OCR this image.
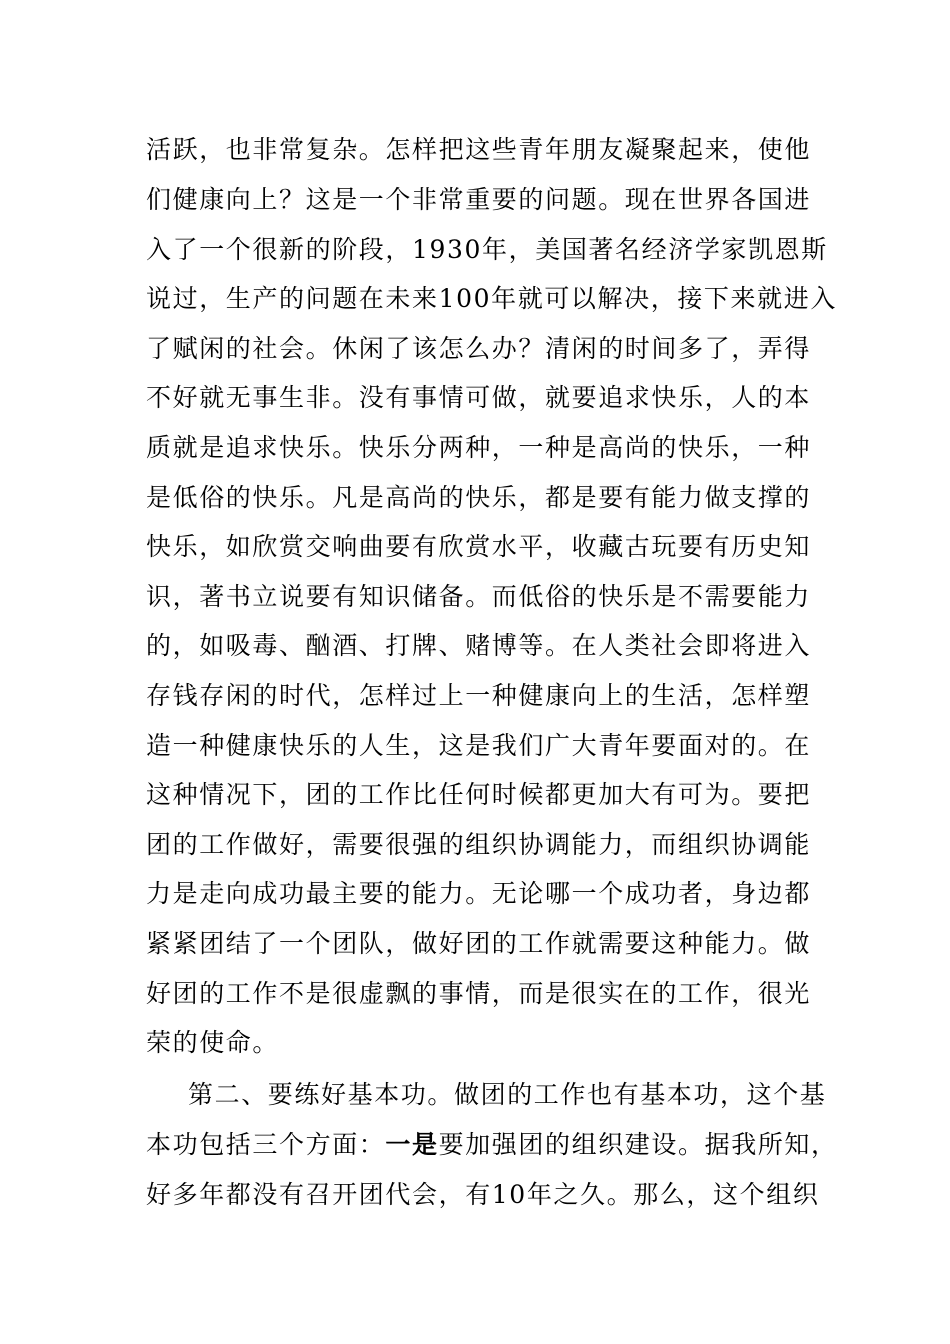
活跃，也非常复杂。怎样把这些青年朋友凝聚起来，使他
们健康向上？这是一个非常重要的问题。现在世界各国进
入了一个很新的阶段，1930年，美国著名经济学家凯恩斯
说过，生产的问题在未来100年就可以解决，接下来就进入
了赋闲的社会。休闲了该怎么办？清闲的时间多了，弄得
不好就无事生非。没有事情可做，就要追求快乐，人的本
质就是追求快乐。快乐分两种，一种是高尚的快乐，一种
是低俗的快乐。凡是高尚的快乐，都是要有能力做支撑的
快乐，如欣赏交响曲要有欣赏水平，收藏古玩要有历史知
识，著书立说要有知识储备。而低俗的快乐是不需要能力
的，如吸毒、酗酒、打牌、赌博等。在人类社会即将进入
存钱存闲的时代，怎样过上一种健康向上的生活，怎样塑
造一种健康快乐的人生，这是我们广大青年要面对的。在
这种情况下，团的工作比任何时候都更加大有可为。要把
团的工作做好，需要很强的组织协调能力，而组织协调能
力是走向成功最主要的能力。无论哪一个成功者，身边都
紧紧团结了一个团队，做好团的工作就需要这种能力。做
好团的工作不是很虚飘的事情，而是很实在的工作，很光
荣的使命。
第二、要练好基本功。做团的工作也有基本功，这个基
本功包括三个方面：一是要加强团的组织建设。据我所知，
好多年都没有召开团代会，有10年之久。那么，这个组织
